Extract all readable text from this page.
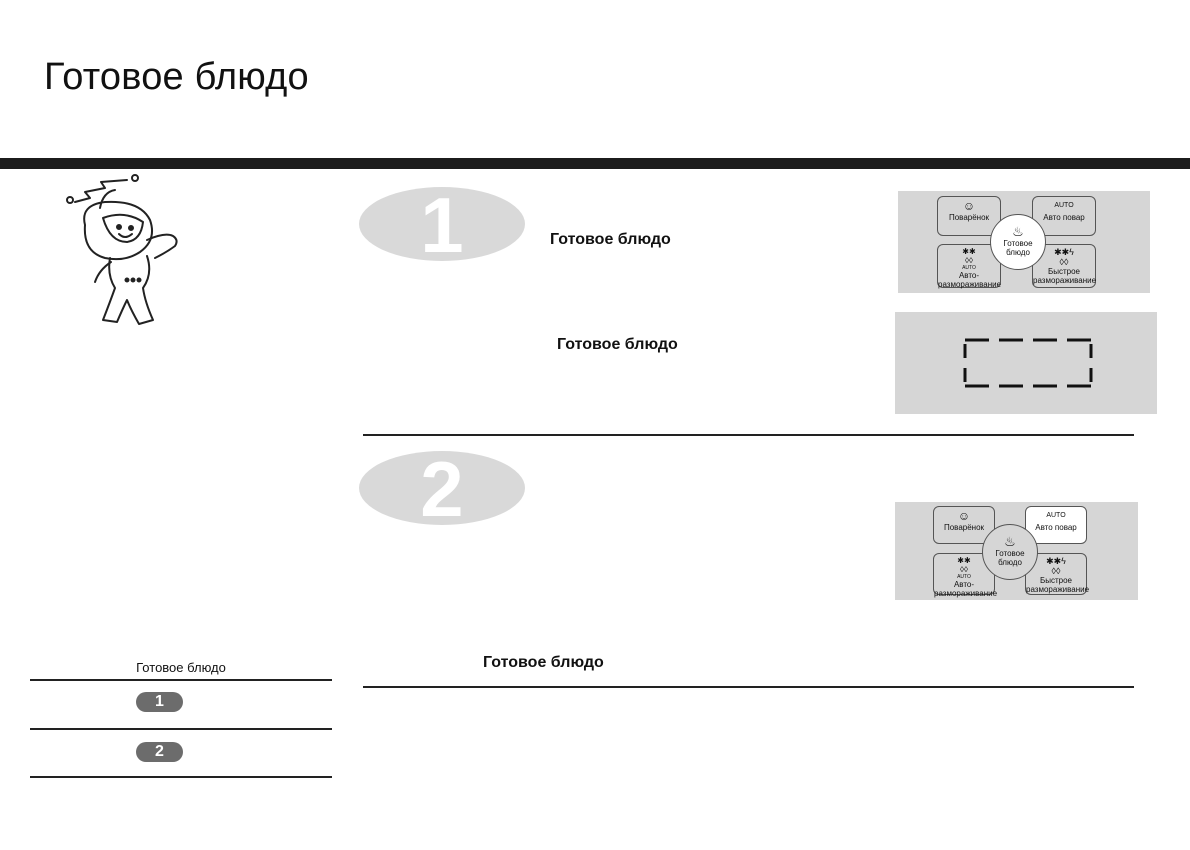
Готовое блюдо
1	Готовое блюдо
Готовое блюдо
☺
Поварёнок
AUTO
Авто повар
✱✱
◊◊
AUTO
Авто-
размораживание
✱✱ϟ
◊◊
Быстрое
размораживание
♨
Готовое
блюдо
2	☺
Поварёнок
AUTO
Авто повар
✱✱
◊◊
AUTO
Авто-
размораживание
✱✱ϟ
◊◊
Быстрое
размораживание
♨
Готовое
блюдо
Готовое блюдо
Готовое блюдо
1
2
